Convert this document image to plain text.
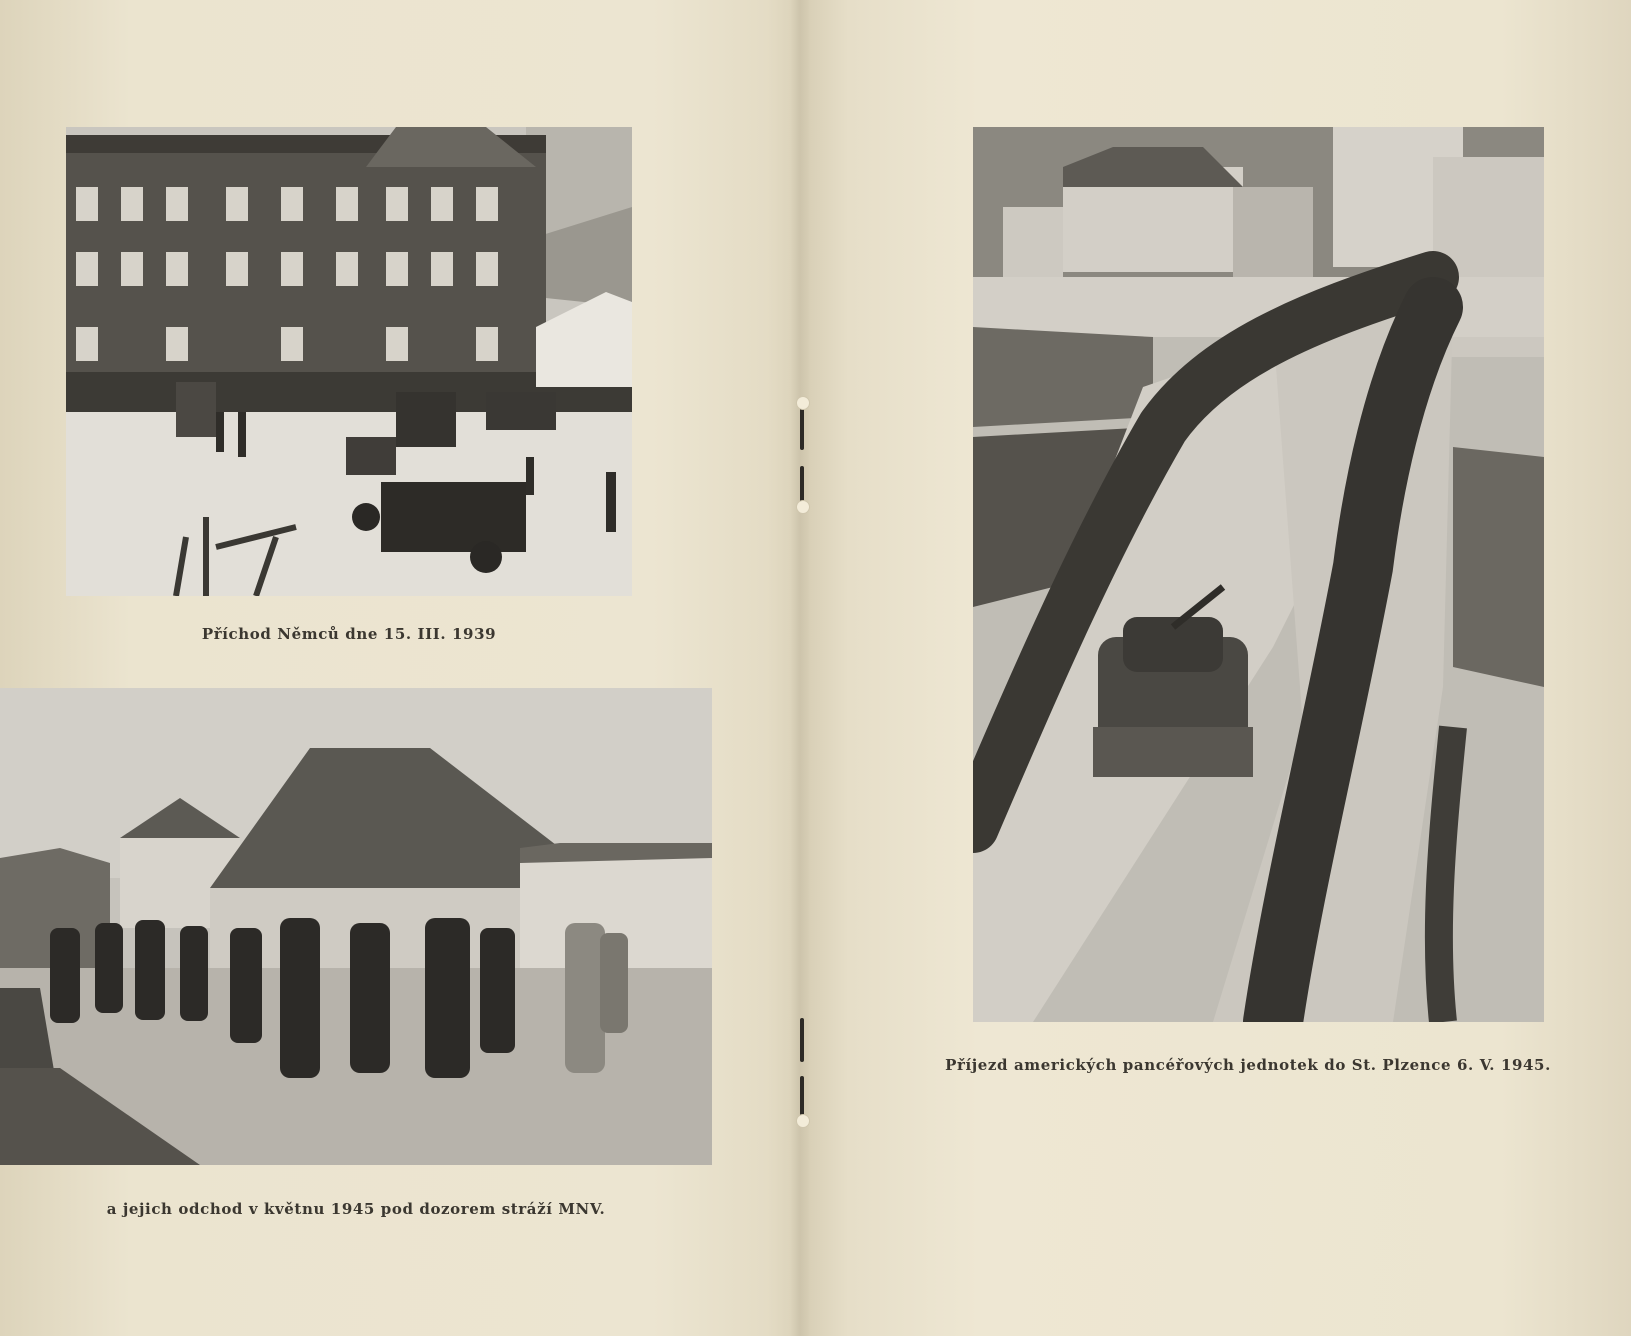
Příchod Němců dne 15. III. 1939

a jejich odchod v květnu 1945 pod dozorem stráží MNV.

Příjezd amerických pancéřových jednotek do St. Plzence 6. V. 1945.
